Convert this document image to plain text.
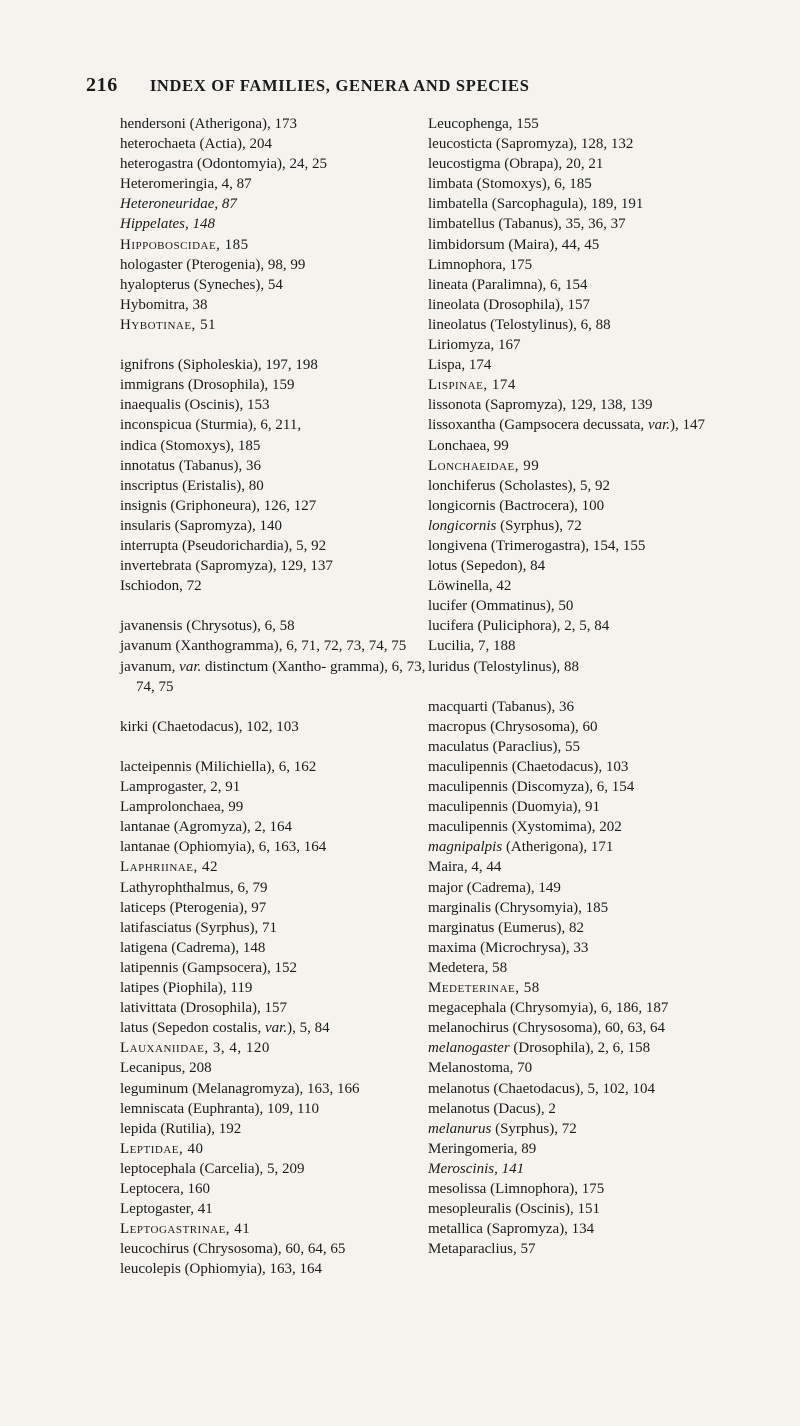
216 INDEX OF FAMILIES, GENERA AND SPECIES
hendersoni (Atherigona), 173
heterochaeta (Actia), 204
heterogastra (Odontomyia), 24, 25
Heteromeringia, 4, 87
Heteroneuridae, 87
Hippelates, 148
Hippoboscidae, 185
hologaster (Pterogenia), 98, 99
hyalopterus (Syneches), 54
Hybomitra, 38
Hybotinae, 51
ignifrons (Sipholeskia), 197, 198
immigrans (Drosophila), 159
inaequalis (Oscinis), 153
inconspicua (Sturmia), 6, 211,
indica (Stomoxys), 185
innotatus (Tabanus), 36
inscriptus (Eristalis), 80
insignis (Griphoneura), 126, 127
insularis (Sapromyza), 140
interrupta (Pseudorichardia), 5, 92
invertebrata (Sapromyza), 129, 137
Ischiodon, 72
javanensis (Chrysotus), 6, 58
javanum (Xanthogramma), 6, 71, 72, 73, 74, 75
javanum, var. distinctum (Xantho- gramma), 6, 73, 74, 75
kirki (Chaetodacus), 102, 103
lacteipennis (Milichiella), 6, 162
Lamprogaster, 2, 91
Lamprolonchaea, 99
lantanae (Agromyza), 2, 164
lantanae (Ophiomyia), 6, 163, 164
Laphriinae, 42
Lathyrophthalmus, 6, 79
laticeps (Pterogenia), 97
latifasciatus (Syrphus), 71
latigena (Cadrema), 148
latipennis (Gampsocera), 152
latipes (Piophila), 119
lativittata (Drosophila), 157
latus (Sepedon costalis, var.), 5, 84
Lauxaniidae, 3, 4, 120
Lecanipus, 208
leguminum (Melanagromyza), 163, 166
lemniscata (Euphranta), 109, 110
lepida (Rutilia), 192
Leptidae, 40
leptocephala (Carcelia), 5, 209
Leptocera, 160
Leptogaster, 41
Leptogastrinae, 41
leucochirus (Chrysosoma), 60, 64, 65
leucolepis (Ophiomyia), 163, 164
Leucophenga, 155
leucosticta (Sapromyza), 128, 132
leucostigma (Obrapa), 20, 21
limbata (Stomoxys), 6, 185
limbatella (Sarcophagula), 189, 191
limbatellus (Tabanus), 35, 36, 37
limbidorsum (Maira), 44, 45
Limnophora, 175
lineata (Paralimna), 6, 154
lineolata (Drosophila), 157
lineolatus (Telostylinus), 6, 88
Liriomyza, 167
Lispa, 174
Lispinae, 174
lissonota (Sapromyza), 129, 138, 139
lissoxantha (Gampsocera decussata, var.), 147
Lonchaea, 99
Lonchaeidae, 99
lonchiferus (Scholastes), 5, 92
longicornis (Bactrocera), 100
longicornis (Syrphus), 72
longivena (Trimerogastra), 154, 155
lotus (Sepedon), 84
Löwinella, 42
lucifer (Ommatinus), 50
lucifera (Puliciphora), 2, 5, 84
Lucilia, 7, 188
luridus (Telostylinus), 88
macquarti (Tabanus), 36
macropus (Chrysosoma), 60
maculatus (Paraclius), 55
maculipennis (Chaetodacus), 103
maculipennis (Discomyza), 6, 154
maculipennis (Duomyia), 91
maculipennis (Xystomima), 202
magnipalpis (Atherigona), 171
Maira, 4, 44
major (Cadrema), 149
marginalis (Chrysomyia), 185
marginatus (Eumerus), 82
maxima (Microchrysa), 33
Medetera, 58
Medeterinae, 58
megacephala (Chrysomyia), 6, 186, 187
melanochirus (Chrysosoma), 60, 63, 64
melanogaster (Drosophila), 2, 6, 158
Melanostoma, 70
melanotus (Chaetodacus), 5, 102, 104
melanotus (Dacus), 2
melanurus (Syrphus), 72
Meringomeria, 89
Meroscinis, 141
mesolissa (Limnophora), 175
mesopleuralis (Oscinis), 151
metallica (Sapromyza), 134
Metaparaclius, 57
